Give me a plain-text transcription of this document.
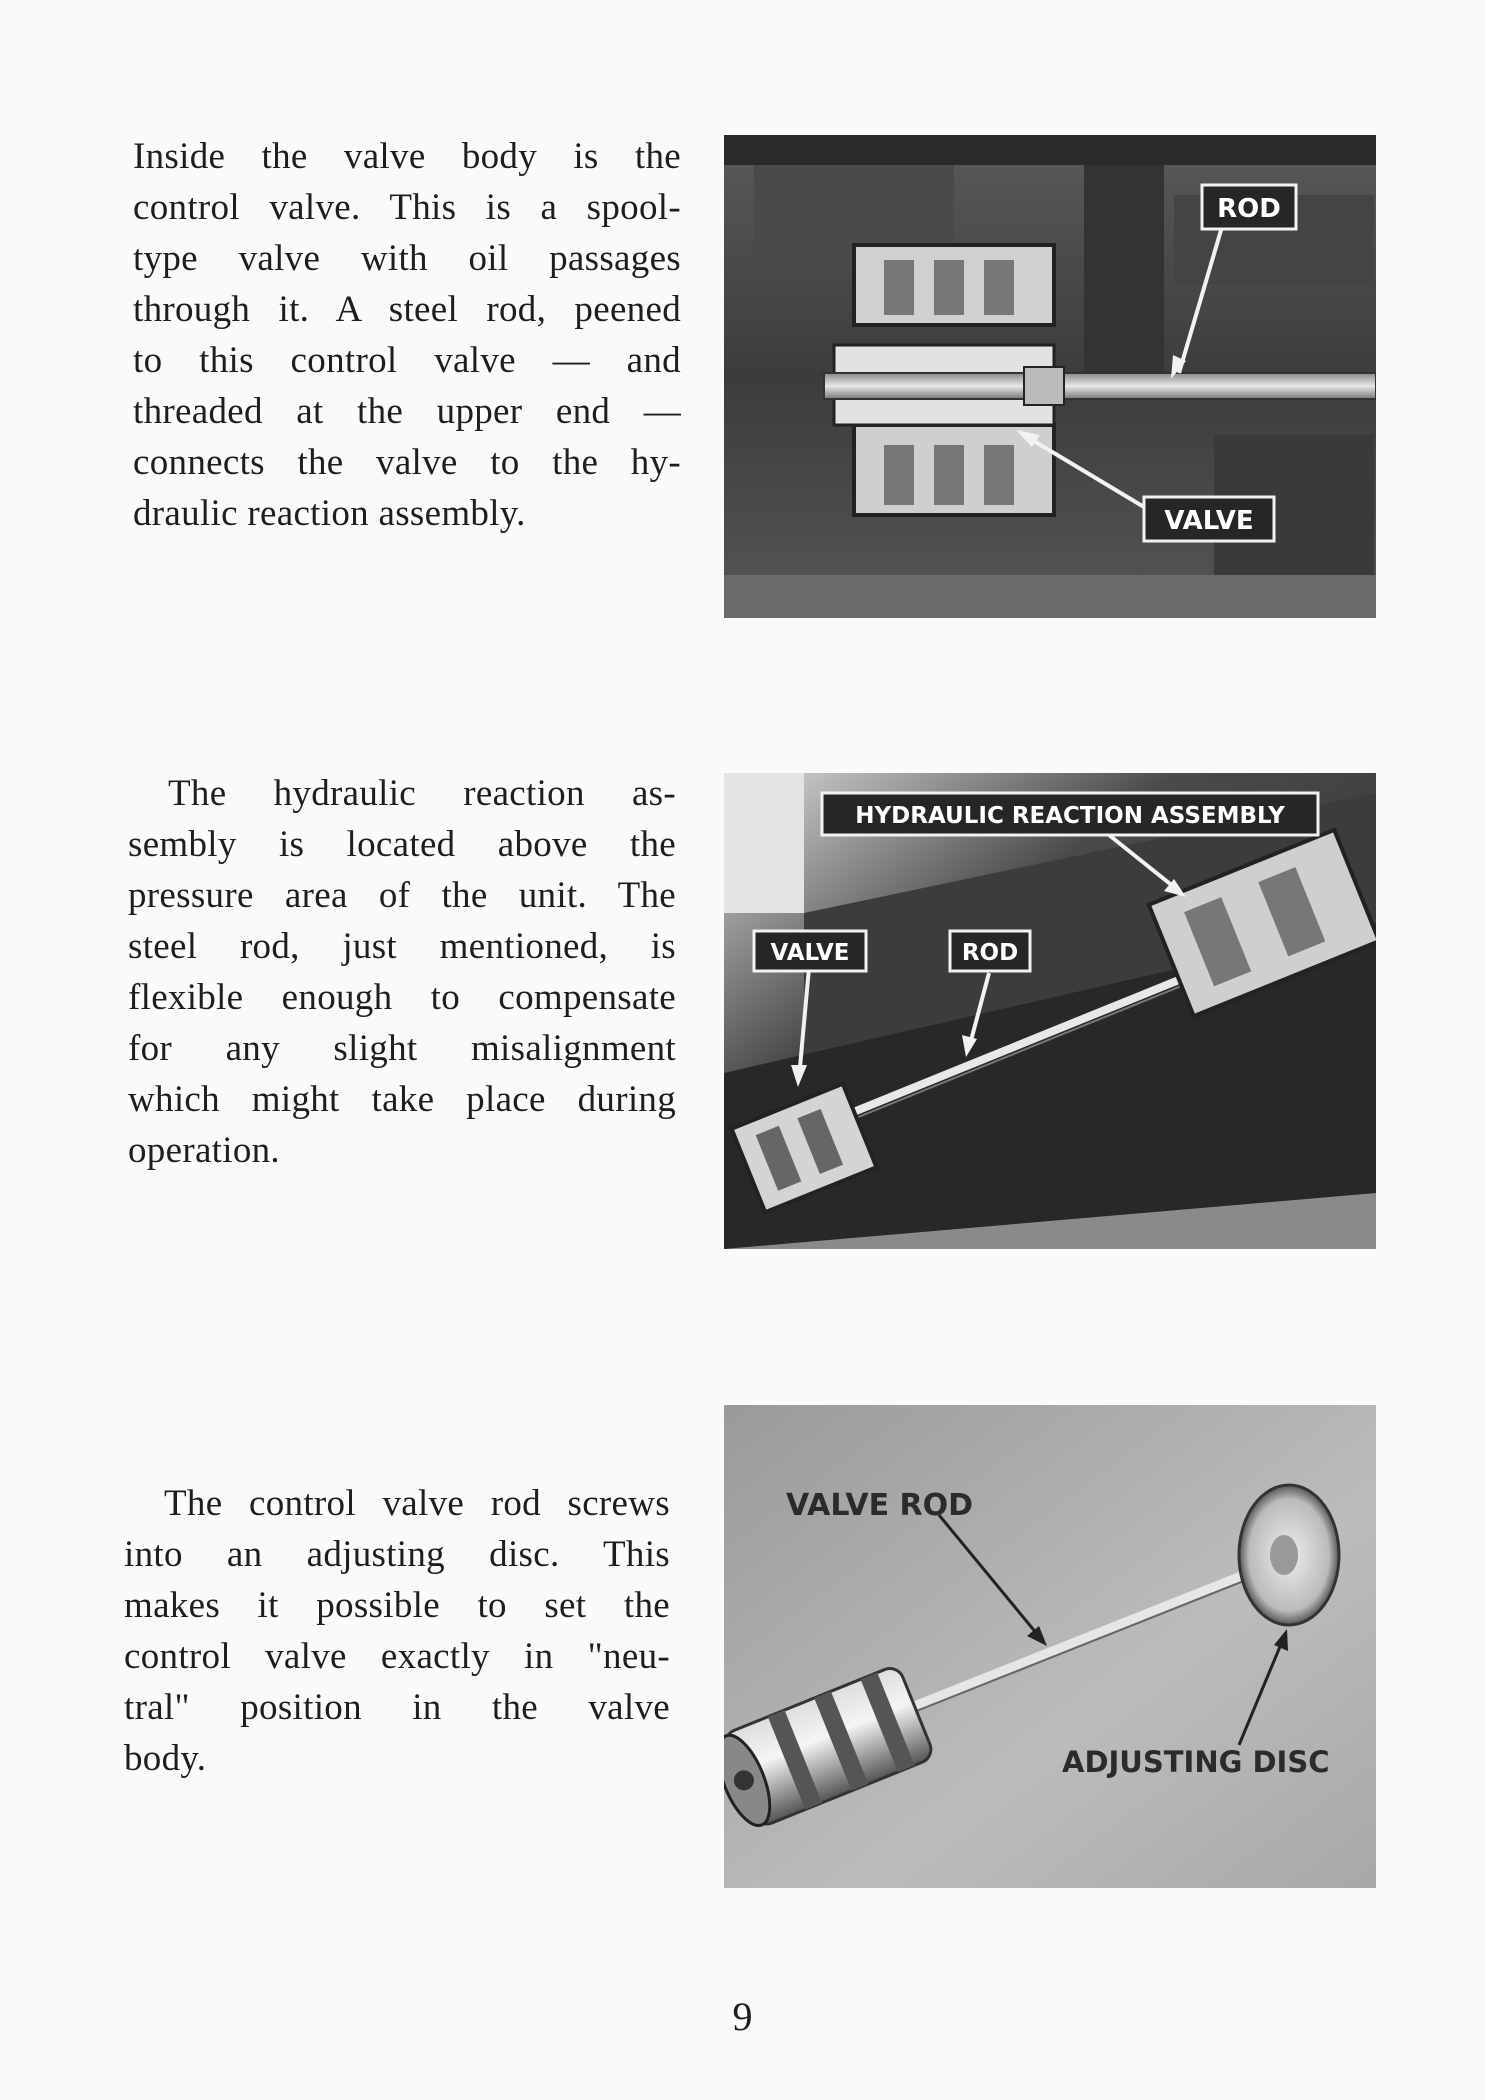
Inside the valve body is the
control valve. This is a spool-
type valve with oil passages
through it. A steel rod, peened
to this control valve — and
threaded at the upper end —
connects the valve to the hy-
draulic reaction assembly.
ROD
VALVE
The hydraulic reaction as-
sembly is located above the
pressure area of the unit. The
steel rod, just mentioned, is
flexible enough to compensate
for any slight misalignment
which might take place during
operation.
HYDRAULIC REACTION ASSEMBLY
VALVE	ROD
The control valve rod screws
into an adjusting disc. This
makes it possible to set the
control valve exactly in "neu-
tral" position in the valve
body.
VALVE ROD
ADJUSTING DISC
9
